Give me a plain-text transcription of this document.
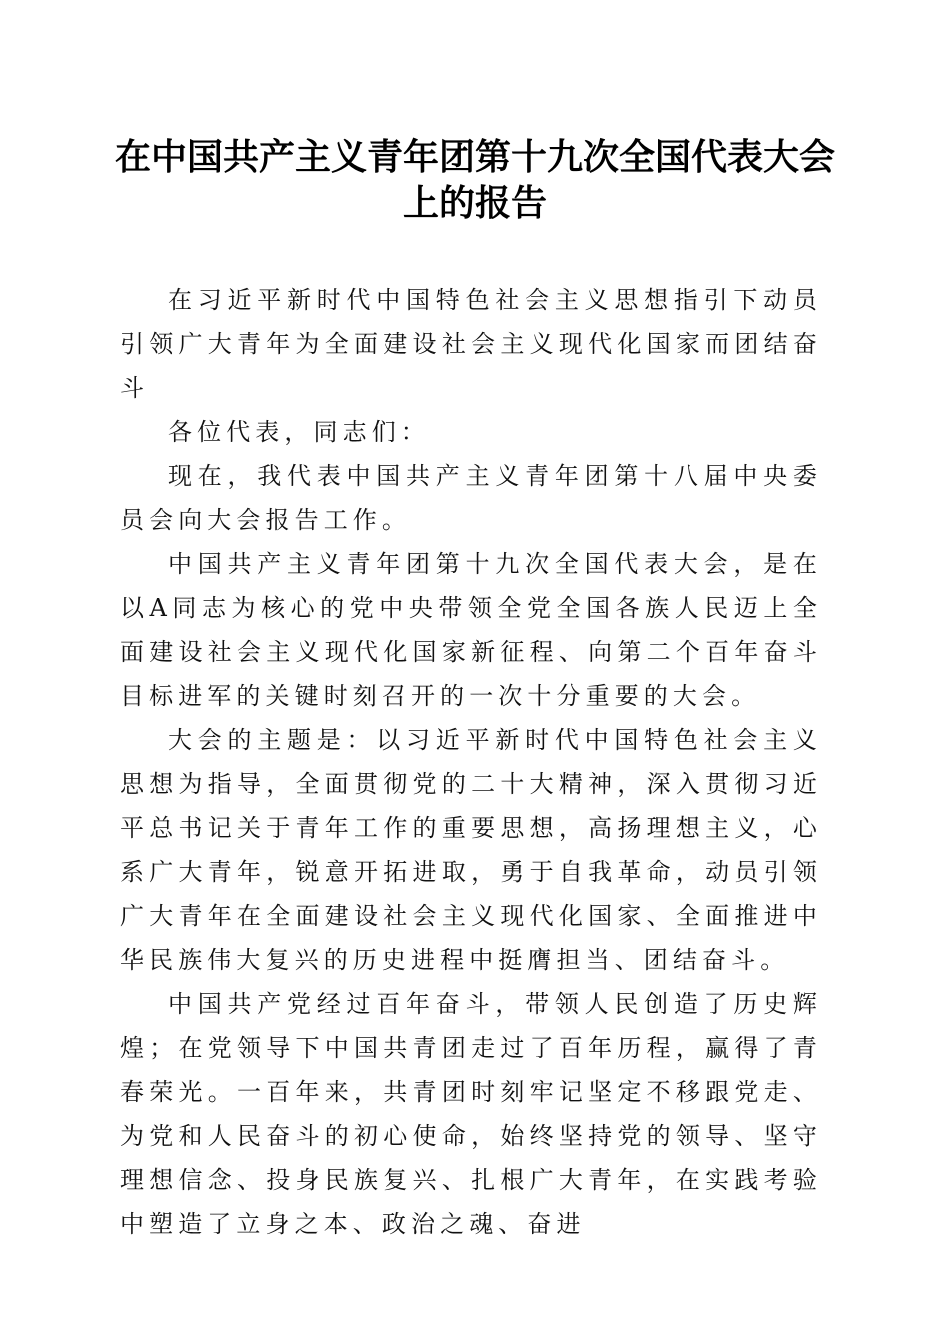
在中国共产主义青年团第十九次全国代表大会上的报告

在习近平新时代中国特色社会主义思想指引下动员引领广大青年为全面建设社会主义现代化国家而团结奋斗

各位代表，同志们：

现在，我代表中国共产主义青年团第十八届中央委员会向大会报告工作。

中国共产主义青年团第十九次全国代表大会，是在以A同志为核心的党中央带领全党全国各族人民迈上全面建设社会主义现代化国家新征程、向第二个百年奋斗目标进军的关键时刻召开的一次十分重要的大会。

大会的主题是：以习近平新时代中国特色社会主义思想为指导，全面贯彻党的二十大精神，深入贯彻习近平总书记关于青年工作的重要思想，高扬理想主义，心系广大青年，锐意开拓进取，勇于自我革命，动员引领广大青年在全面建设社会主义现代化国家、全面推进中华民族伟大复兴的历史进程中挺膺担当、团结奋斗。

中国共产党经过百年奋斗，带领人民创造了历史辉煌；在党领导下中国共青团走过了百年历程，赢得了青春荣光。一百年来，共青团时刻牢记坚定不移跟党走、为党和人民奋斗的初心使命，始终坚持党的领导、坚守理想信念、投身民族复兴、扎根广大青年，在实践考验中塑造了立身之本、政治之魂、奋进
